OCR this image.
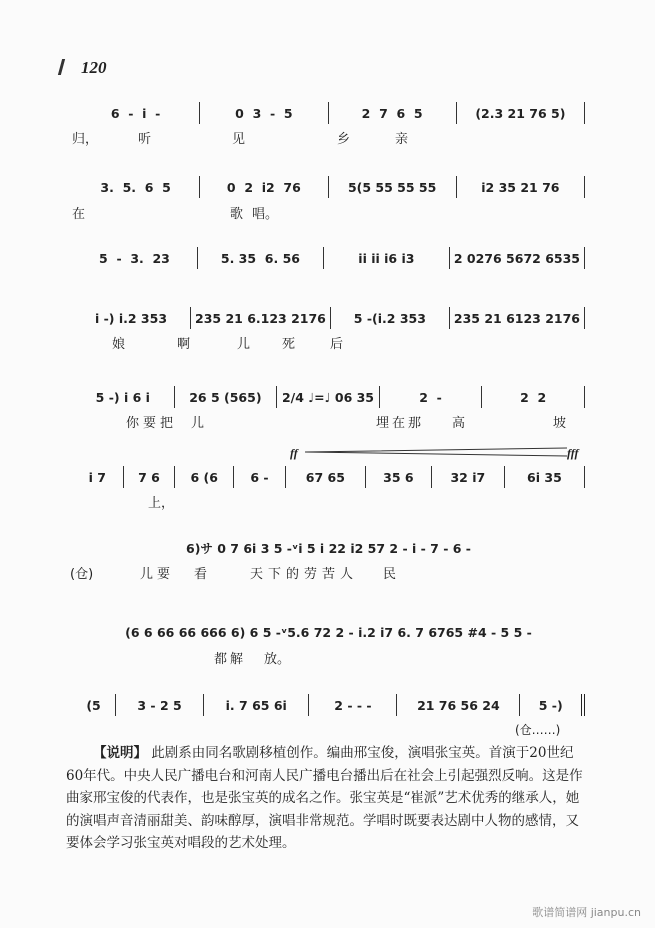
120
6  -  i  -	0  3  -  5	2  7  6  5	(2.3 21 76 5)
归，	听	见	乡	亲
3.  5.  6  5	0  2  i2  76	5(5 55 55 55	i2 35 21 76
在	歌 唱。
5  -  3.  23	5. 35  6. 56	ii ii i6 i3	2 0276 5672 6535
i -) i.2 353	235 21 6.123 2176	5 -(i.2 353	235 21 6123 2176
娘	啊	儿 死	后
5 -) i 6 i	26 5 (565)	2/4 ♩=♩ 06 35	2  -	2  2
你要把 儿	埋在那 高	坡
ff	fff
i 7	7 6	6 (6	6 -	67 65	35 6	32 i7	6i 35
上，
6)サ 0 7 6i 3 5 -ᵛi 5 i 22 i2 57 2 - i - 7 - 6 -
(仓)	儿要 看	天下的劳苦人 民
(6 6 66 66 666 6) 6 5 -ᵛ5.6 72 2 - i.2 i7 6. 7 6765 #4 - 5 5 -
都解 放。
(5	3 - 2 5	i. 7 65 6i	2 - - -	21 76 56 24	5 -)
(仓……)

【说明】 此剧系由同名歌剧移植创作。编曲邢宝俊，演唱张宝英。首演于20世纪60年代。中央人民广播电台和河南人民广播电台播出后在社会上引起强烈反响。这是作曲家邢宝俊的代表作，也是张宝英的成名之作。张宝英是“崔派”艺术优秀的继承人，她的演唱声音清丽甜美、韵味醇厚，演唱非常规范。学唱时既要表达剧中人物的感情，又要体会学习张宝英对唱段的艺术处理。

歌谱简谱网 jianpu.cn
